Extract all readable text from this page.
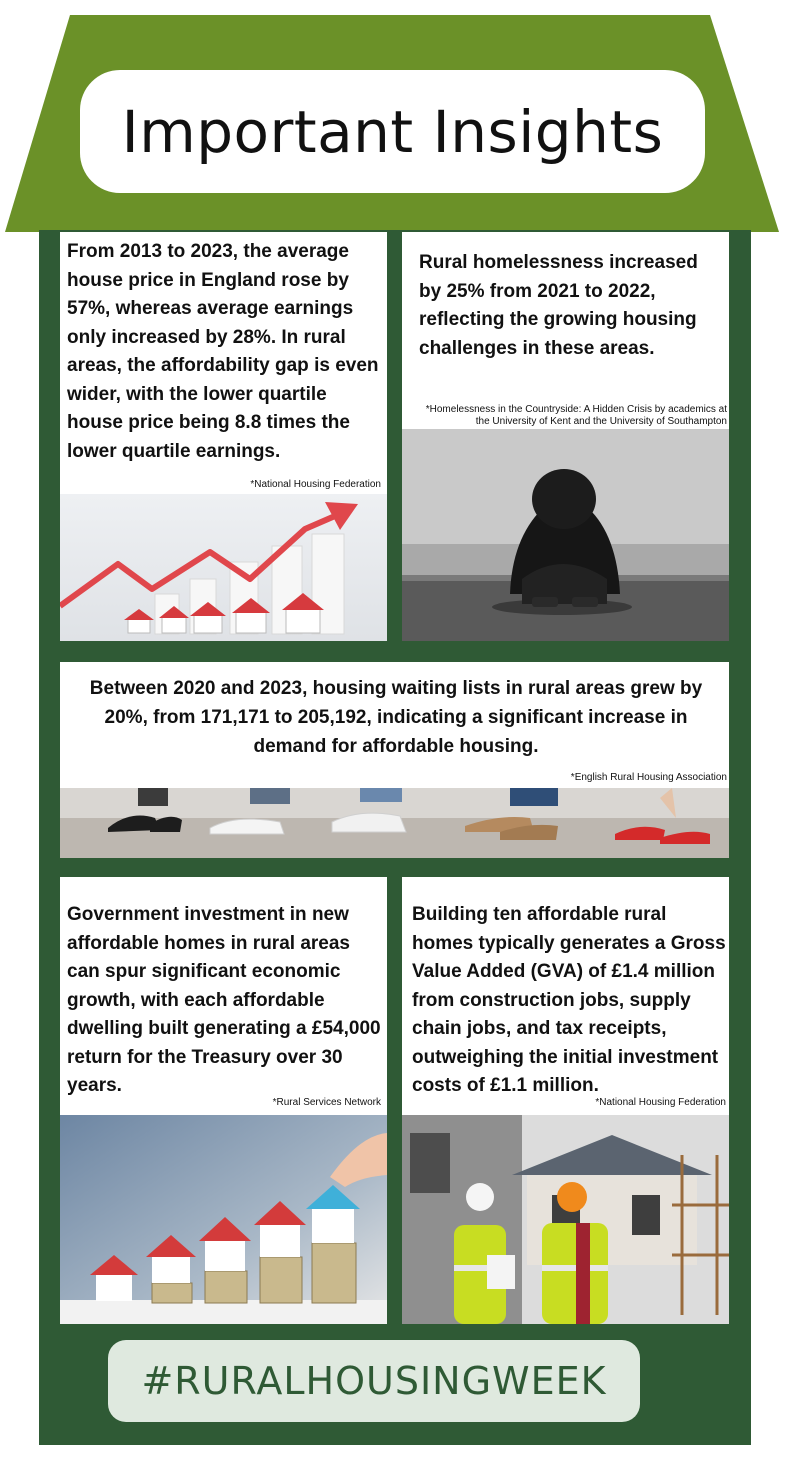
Important Insights
From 2013 to 2023, the average house price in England rose by 57%, whereas average earnings only increased by 28%. In rural areas, the affordability gap is even wider, with the lower quartile house price being 8.8 times the lower quartile earnings.
*National Housing Federation
Rural homelessness increased by 25% from 2021 to 2022, reflecting the growing housing challenges in these areas.
*Homelessness in the Countryside: A Hidden Crisis by academics at the University of Kent and the University of Southampton
Between 2020 and 2023, housing waiting lists in rural areas grew by 20%, from 171,171 to 205,192, indicating a significant increase in demand for affordable housing.
*English Rural Housing Association
Government investment in new affordable homes in rural areas can spur significant economic growth, with each affordable dwelling built generating a £54,000 return for the Treasury over 30 years.
*Rural Services Network
Building ten affordable rural homes typically generates a Gross Value Added (GVA) of £1.4 million from construction jobs, supply chain jobs, and tax receipts, outweighing the initial investment costs of £1.1 million.
*National Housing Federation
#RURALHOUSINGWEEK
